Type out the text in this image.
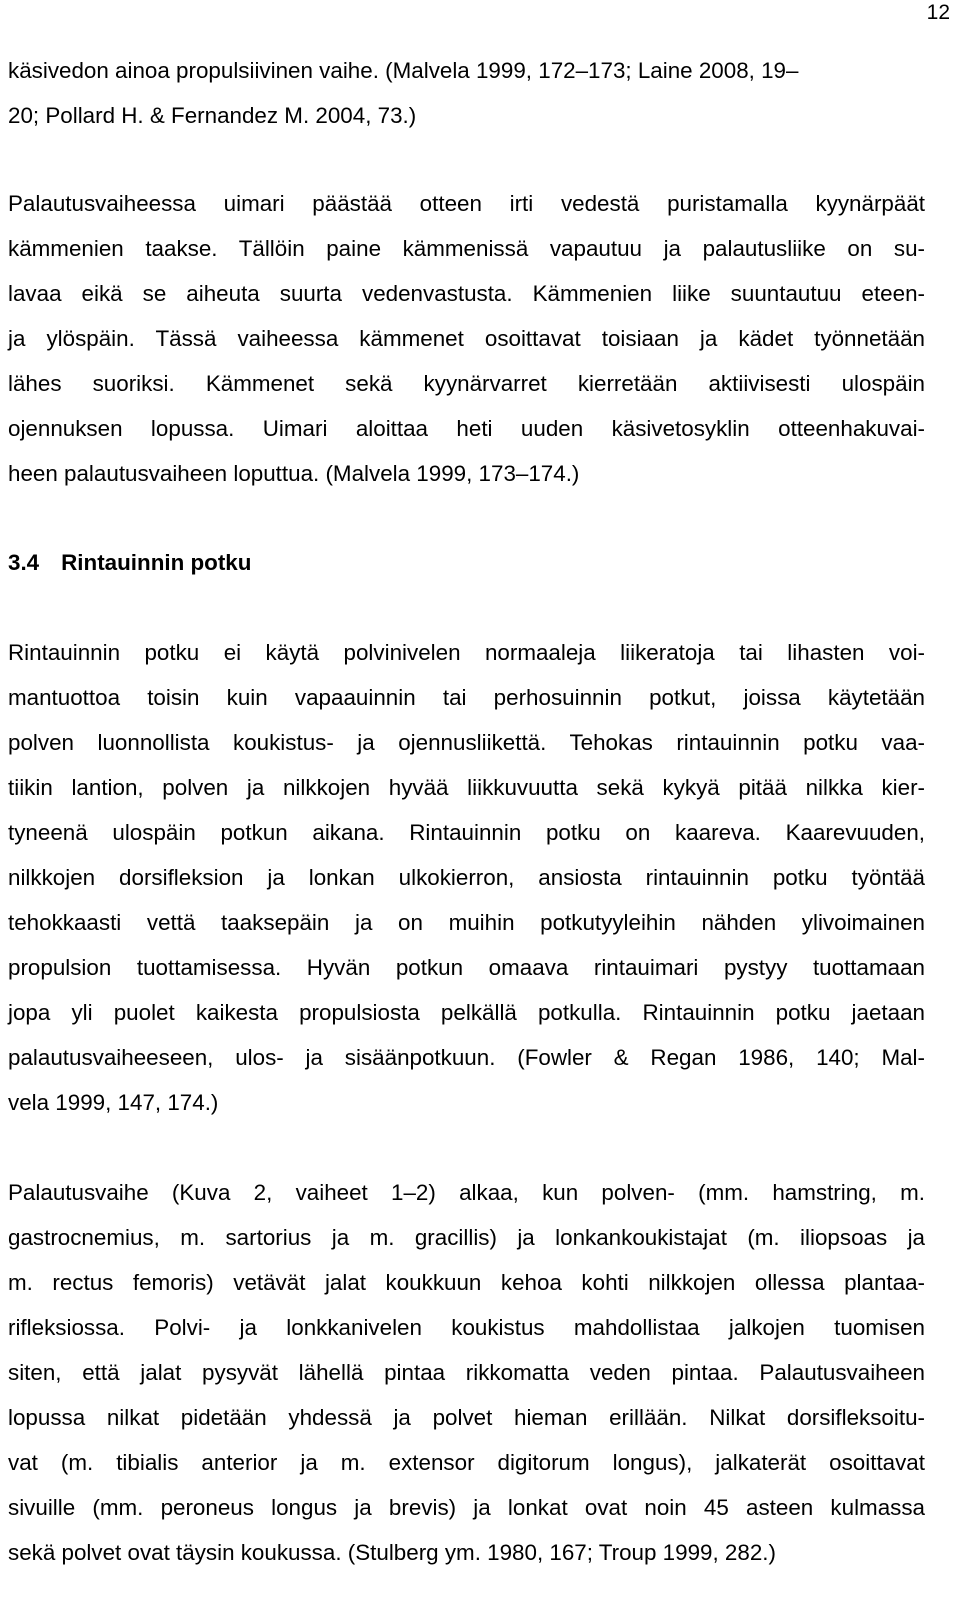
12
käsivedon ainoa propulsiivinen vaihe. (Malvela 1999, 172–173; Laine 2008, 19–
20; Pollard H. & Fernandez M. 2004, 73.)
Palautusvaiheessa uimari päästää otteen irti vedestä puristamalla kyynärpäät
kämmenien taakse. Tällöin paine kämmenissä vapautuu ja palautusliike on su-
lavaa eikä se aiheuta suurta vedenvastusta. Kämmenien liike suuntautuu eteen-
ja ylöspäin. Tässä vaiheessa kämmenet osoittavat toisiaan ja kädet työnnetään
lähes suoriksi. Kämmenet sekä kyynärvarret kierretään aktiivisesti ulospäin
ojennuksen lopussa. Uimari aloittaa heti uuden käsivetosyklin otteenhakuvai-
heen palautusvaiheen loputtua. (Malvela 1999, 173–174.)
3.4 Rintauinnin potku
Rintauinnin potku ei käytä polvinivelen normaaleja liikeratoja tai lihasten voi-
mantuottoa toisin kuin vapaauinnin tai perhosuinnin potkut, joissa käytetään
polven luonnollista koukistus- ja ojennusliikettä. Tehokas rintauinnin potku vaa-
tiikin lantion, polven ja nilkkojen hyvää liikkuvuutta sekä kykyä pitää nilkka kier-
tyneenä ulospäin potkun aikana. Rintauinnin potku on kaareva. Kaarevuuden,
nilkkojen dorsifleksion ja lonkan ulkokierron, ansiosta rintauinnin potku työntää
tehokkaasti vettä taaksepäin ja on muihin potkutyyleihin nähden ylivoimainen
propulsion tuottamisessa. Hyvän potkun omaava rintauimari pystyy tuottamaan
jopa yli puolet kaikesta propulsiosta pelkällä potkulla. Rintauinnin potku jaetaan
palautusvaiheeseen, ulos- ja sisäänpotkuun. (Fowler & Regan 1986, 140; Mal-
vela 1999, 147, 174.)
Palautusvaihe (Kuva 2, vaiheet 1–2) alkaa, kun polven- (mm. hamstring, m.
gastrocnemius, m. sartorius ja m. gracillis) ja lonkankoukistajat (m. iliopsoas ja
m. rectus femoris) vetävät jalat koukkuun kehoa kohti nilkkojen ollessa plantaa-
rifleksiossa. Polvi- ja lonkkanivelen koukistus mahdollistaa jalkojen tuomisen
siten, että jalat pysyvät lähellä pintaa rikkomatta veden pintaa. Palautusvaiheen
lopussa nilkat pidetään yhdessä ja polvet hieman erillään. Nilkat dorsifleksoitu-
vat (m. tibialis anterior ja m. extensor digitorum longus), jalkaterät osoittavat
sivuille (mm. peroneus longus ja brevis) ja lonkat ovat noin 45 asteen kulmassa
sekä polvet ovat täysin koukussa. (Stulberg ym. 1980, 167; Troup 1999, 282.)
